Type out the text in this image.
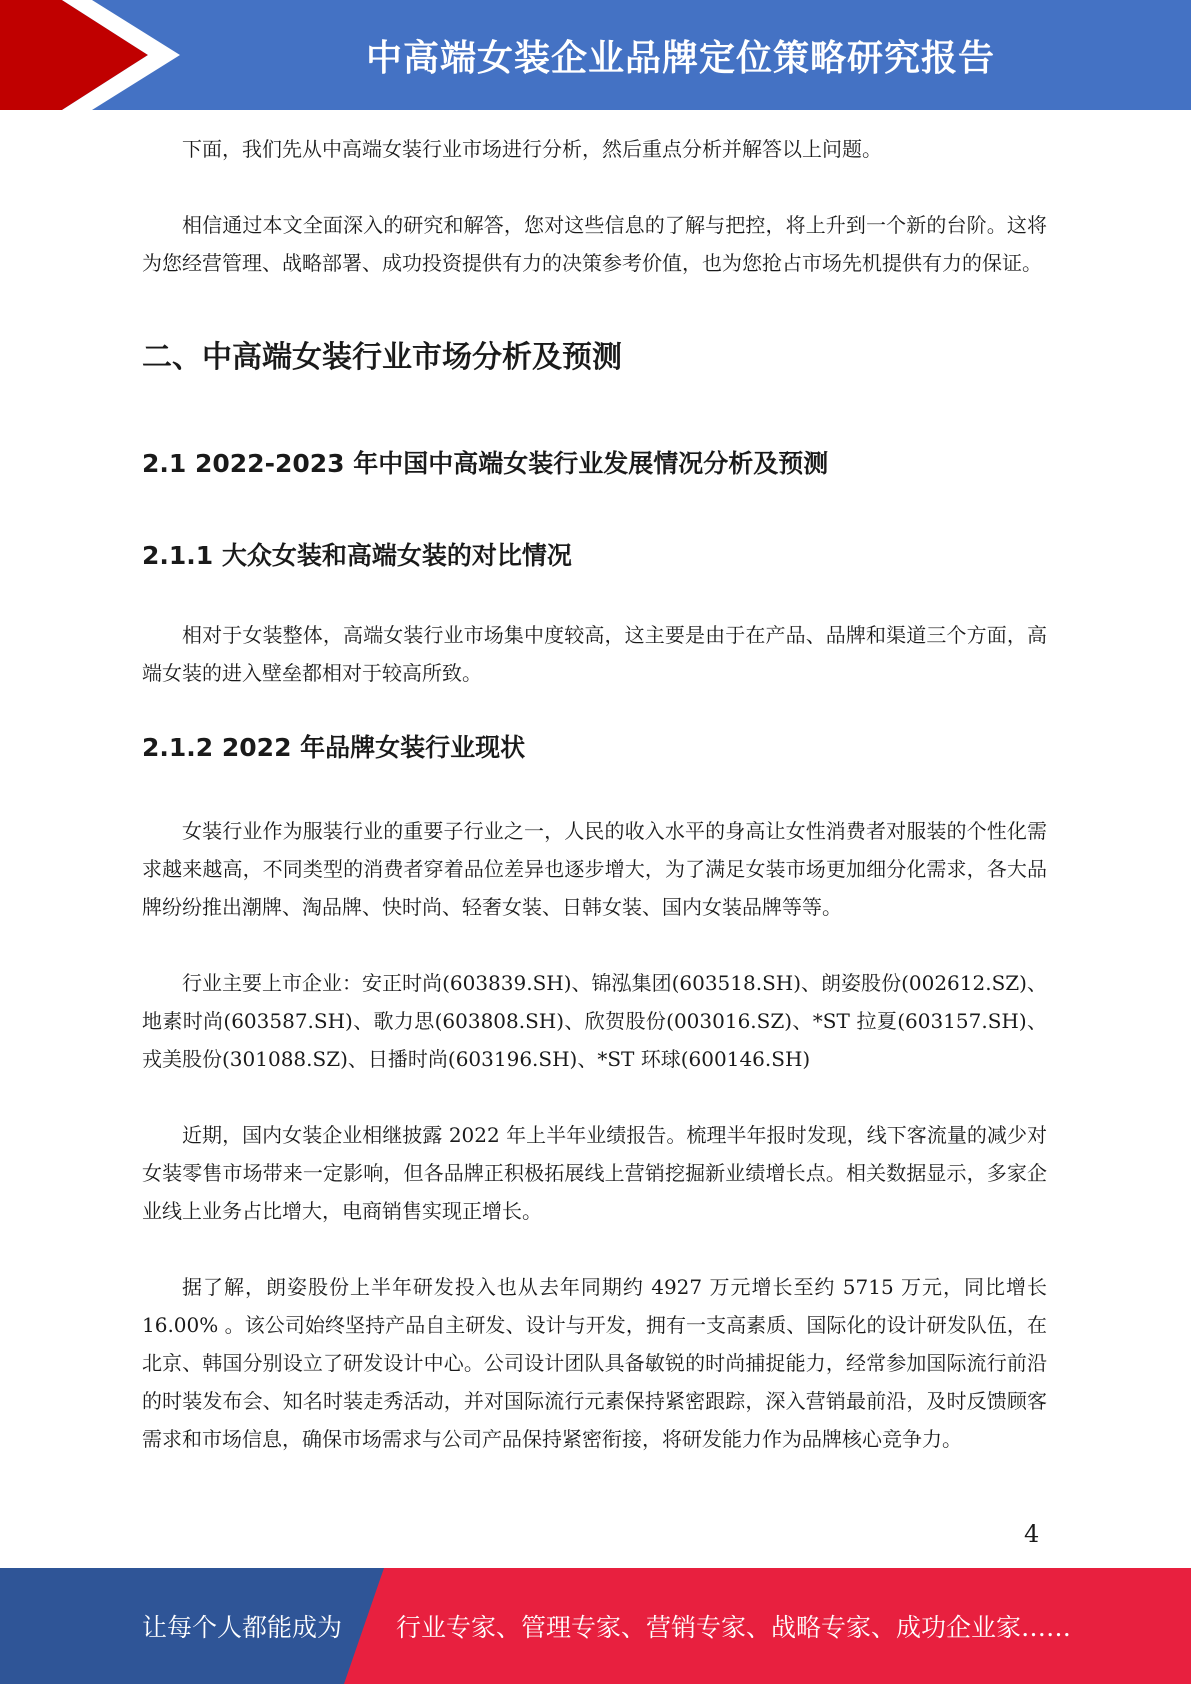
中高端女装企业品牌定位策略研究报告

下面，我们先从中高端女装行业市场进行分析，然后重点分析并解答以上问题。

相信通过本文全面深入的研究和解答，您对这些信息的了解与把控，将上升到一个新的台阶。这将为您经营管理、战略部署、成功投资提供有力的决策参考价值，也为您抢占市场先机提供有力的保证。

二、中高端女装行业市场分析及预测
2.1 2022-2023 年中国中高端女装行业发展情况分析及预测
2.1.1 大众女装和高端女装的对比情况

相对于女装整体，高端女装行业市场集中度较高，这主要是由于在产品、品牌和渠道三个方面，高端女装的进入壁垒都相对于较高所致。

2.1.2 2022 年品牌女装行业现状

女装行业作为服装行业的重要子行业之一，人民的收入水平的身高让女性消费者对服装的个性化需求越来越高，不同类型的消费者穿着品位差异也逐步增大，为了满足女装市场更加细分化需求，各大品牌纷纷推出潮牌、淘品牌、快时尚、轻奢女装、日韩女装、国内女装品牌等等。

行业主要上市企业：安正时尚(603839.SH)、锦泓集团(603518.SH)、朗姿股份(002612.SZ)、地素时尚(603587.SH)、歌力思(603808.SH)、欣贺股份(003016.SZ)、*ST 拉夏(603157.SH)、戎美股份(301088.SZ)、日播时尚(603196.SH)、*ST 环球(600146.SH)

近期，国内女装企业相继披露 2022 年上半年业绩报告。梳理半年报时发现，线下客流量的减少对女装零售市场带来一定影响，但各品牌正积极拓展线上营销挖掘新业绩增长点。相关数据显示，多家企业线上业务占比增大，电商销售实现正增长。

据了解，朗姿股份上半年研发投入也从去年同期约 4927 万元增长至约 5715 万元，同比增长 16.00% 。该公司始终坚持产品自主研发、设计与开发，拥有一支高素质、国际化的设计研发队伍，在北京、韩国分别设立了研发设计中心。公司设计团队具备敏锐的时尚捕捉能力，经常参加国际流行前沿的时装发布会、知名时装走秀活动，并对国际流行元素保持紧密跟踪，深入营销最前沿，及时反馈顾客需求和市场信息，确保市场需求与公司产品保持紧密衔接，将研发能力作为品牌核心竞争力。

4
让每个人都能成为 行业专家、管理专家、营销专家、战略专家、成功企业家……
